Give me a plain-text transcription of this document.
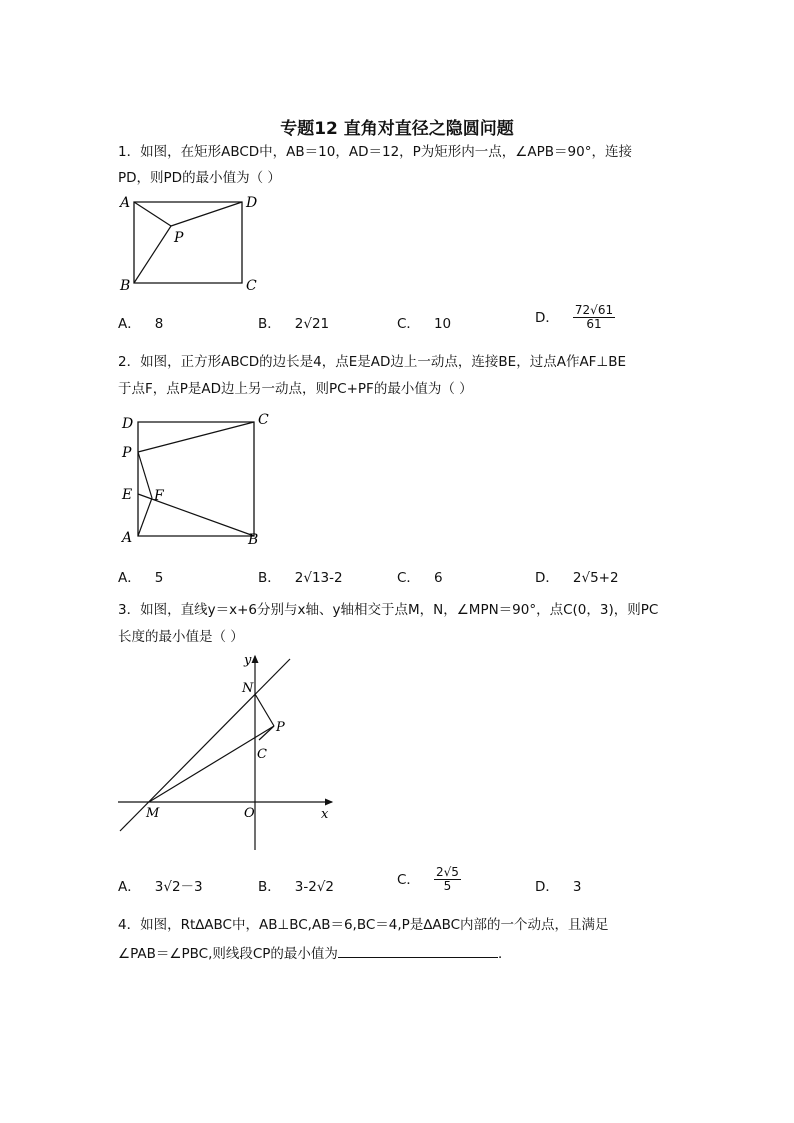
专题12 直角对直径之隐圆问题
1．如图，在矩形ABCD中，AB＝10，AD＝12，P为矩形内一点，∠APB＝90°，连接
PD，则PD的最小值为（ ）
A	D
P
B	C
A． 8	B． 2√21	C． 10	D． $\frac{72√61}{61}$
2．如图，正方形ABCD的边长是4，点E是AD边上一动点，连接BE，过点A作AF⊥BE
于点F，点P是AD边上另一动点，则PC+PF的最小值为（ ）
D	C
P
E F
A	B
A． 5	B． 2√13-2	C． 6	D． 2√5+2
3．如图，直线y＝x+6分别与x轴、y轴相交于点M，N，∠MPN＝90°，点C(0，3)，则PC
长度的最小值是（ ）
y
x
N
P
C
M	O
A． 3√2－3	B． 3-2√2	C． $\frac{2√5}{5}$	D． 3
4．如图，Rt∆ABC中，AB⊥BC,AB＝6,BC＝4,P是∆ABC内部的一个动点，且满足
∠PAB＝∠PBC,则线段CP的最小值为	．
